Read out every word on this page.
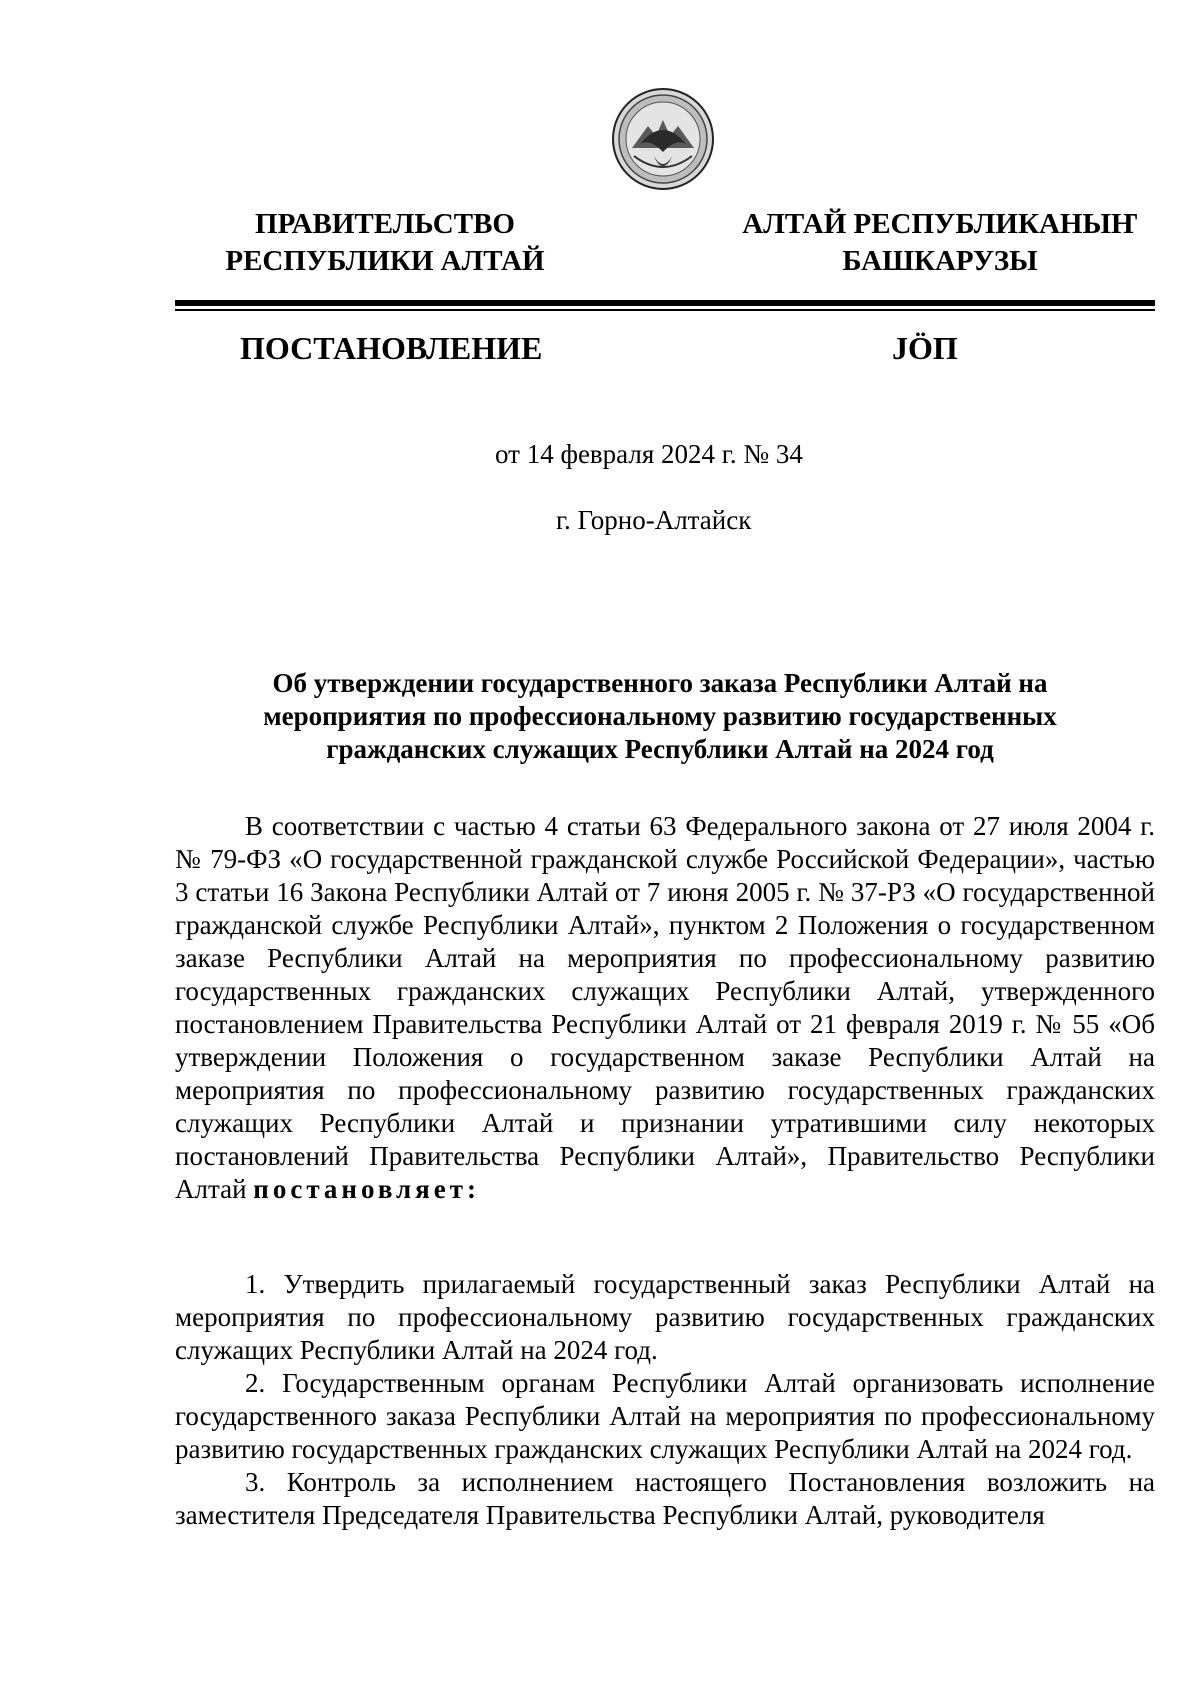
ПРАВИТЕЛЬСТВО
РЕСПУБЛИКИ АЛТАЙ
АЛТАЙ РЕСПУБЛИКАНЫҤ
БАШКАРУЗЫ
ПОСТАНОВЛЕНИЕ	JÖП
от 14 февраля 2024 г. № 34
г. Горно-Алтайск
Об утверждении государственного заказа Республики Алтай на
мероприятия по профессиональному развитию государственных
гражданских служащих Республики Алтай на 2024 год
В соответствии с частью 4 статьи 63 Федерального закона от 27 июля 2004 г. № 79-ФЗ «О государственной гражданской службе Российской Федерации», частью 3 статьи 16 Закона Республики Алтай от 7 июня 2005 г. № 37-РЗ «О государственной гражданской службе Республики Алтай», пунктом 2 Положения о государственном заказе Республики Алтай на мероприятия по профессиональному развитию государственных гражданских служащих Республики Алтай, утвержденного постановлением Правительства Республики Алтай от 21 февраля 2019 г. № 55 «Об утверждении Положения о государственном заказе Республики Алтай на мероприятия по профессиональному развитию государственных гражданских служащих Республики Алтай и признании утратившими силу некоторых постановлений Правительства Республики Алтай», Правительство Республики Алтай постановляет:
1. Утвердить прилагаемый государственный заказ Республики Алтай на мероприятия по профессиональному развитию государственных гражданских служащих Республики Алтай на 2024 год.
2. Государственным органам Республики Алтай организовать исполнение государственного заказа Республики Алтай на мероприятия по профессиональному развитию государственных гражданских служащих Республики Алтай на 2024 год.
3. Контроль за исполнением настоящего Постановления возложить на заместителя Председателя Правительства Республики Алтай, руководителя
